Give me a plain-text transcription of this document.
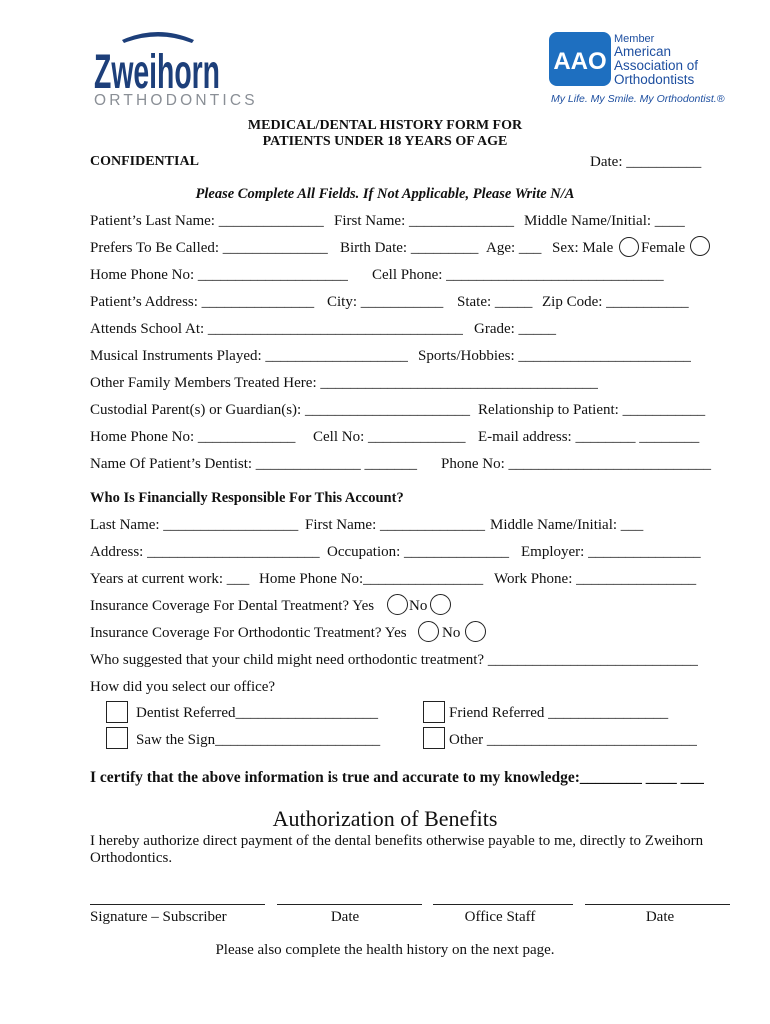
Zweihorn
ORTHODONTICS
AAO
Member
American
Association of
Orthodontists
My Life. My Smile. My Orthodontist.®
MEDICAL/DENTAL HISTORY FORM FOR
PATIENTS UNDER 18 YEARS OF AGE
CONFIDENTIAL	Date: __________
Please Complete All Fields. If Not Applicable, Please Write N/A
Patient’s Last Name: ______________ First Name: ______________ Middle Name/Initial: ____
Prefers To Be Called: ______________ Birth Date: _________ Age: ___ Sex: Male Female
Home Phone No: ____________________ Cell Phone: _____________________________
Patient’s Address: _______________ City: ___________ State: _____ Zip Code: ___________
Attends School At: __________________________________ Grade: _____
Musical Instruments Played: ___________________ Sports/Hobbies: _______________________
Other Family Members Treated Here: _____________________________________
Custodial Parent(s) or Guardian(s): ______________________ Relationship to Patient: ___________
Home Phone No: _____________ Cell No: _____________ E-mail address: ________ ________
Name Of Patient’s Dentist: ______________ _______ Phone No: ___________________________
Who Is Financially Responsible For This Account?
Last Name: __________________ First Name: ______________ Middle Name/Initial: ___
Address: _______________________ Occupation: ______________ Employer: _______________
Years at current work: ___ Home Phone No:________________ Work Phone: ________________
Insurance Coverage For Dental Treatment? Yes No
Insurance Coverage For Orthodontic Treatment? Yes No
Who suggested that your child might need orthodontic treatment? ____________________________
How did you select our office?
Dentist Referred___________________	Friend Referred ________________
Saw the Sign______________________	Other ____________________________
I certify that the above information is true and accurate to my knowledge:________ ____ ___
Authorization of Benefits
I hereby authorize direct payment of the dental benefits otherwise payable to me, directly to Zweihorn Orthodontics.
Signature – Subscriber	Date	Office Staff	Date
Please also complete the health history on the next page.
